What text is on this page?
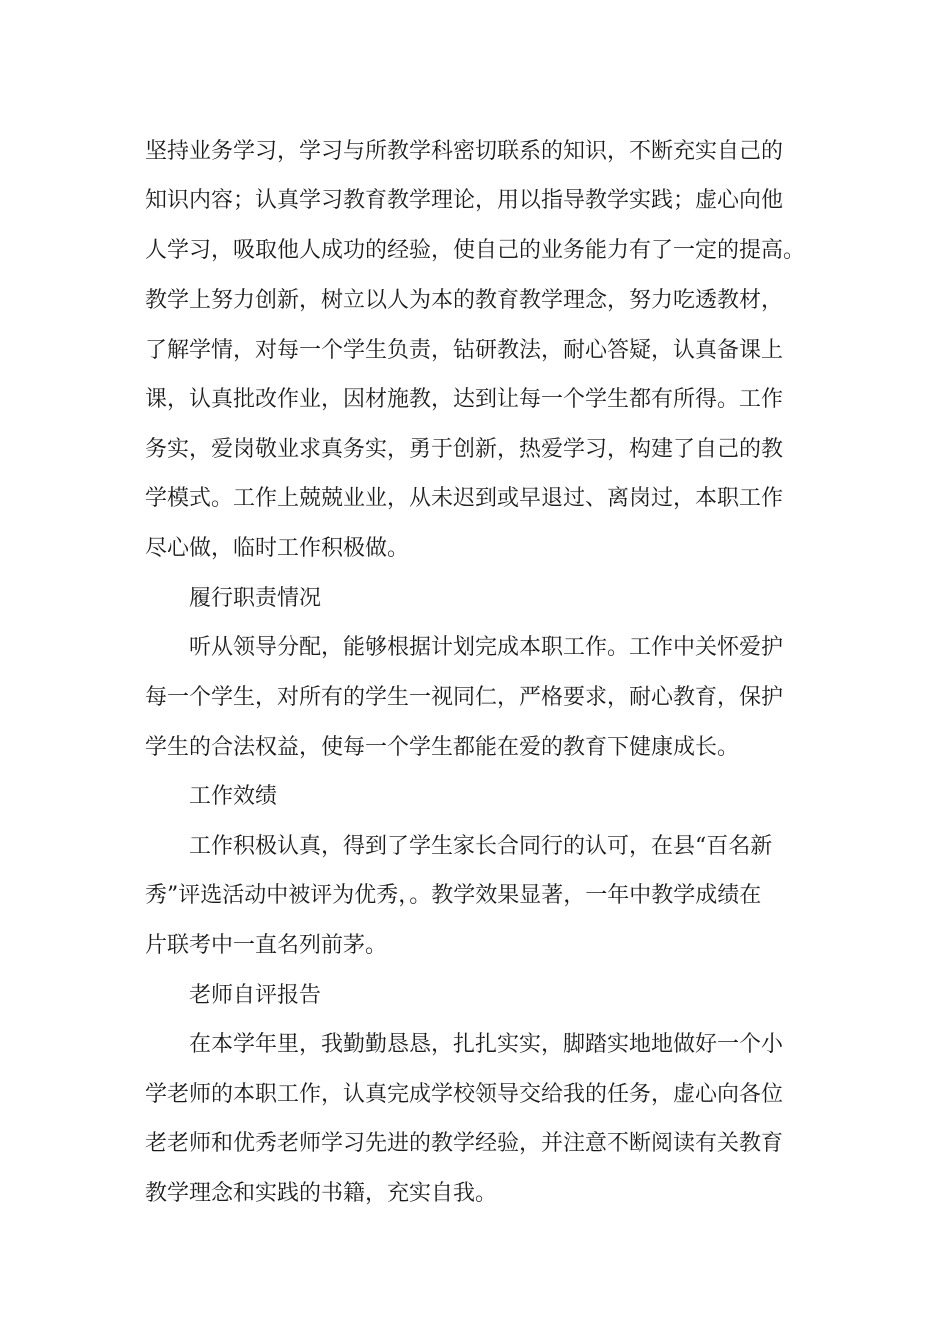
坚持业务学习，学习与所教学科密切联系的知识，不断充实自己的
知识内容；认真学习教育教学理论，用以指导教学实践；虚心向他
人学习，吸取他人成功的经验，使自己的业务能力有了一定的提高。
教学上努力创新，树立以人为本的教育教学理念，努力吃透教材，
了解学情，对每一个学生负责，钻研教法，耐心答疑，认真备课上
课，认真批改作业，因材施教，达到让每一个学生都有所得。工作
务实，爱岗敬业求真务实，勇于创新，热爱学习，构建了自己的教
学模式。工作上兢兢业业，从未迟到或早退过、离岗过，本职工作
尽心做，临时工作积极做。
履行职责情况
听从领导分配，能够根据计划完成本职工作。工作中关怀爱护
每一个学生，对所有的学生一视同仁，严格要求，耐心教育，保护
学生的合法权益，使每一个学生都能在爱的教育下健康成长。
工作效绩
工作积极认真，得到了学生家长合同行的认可，在县“百名新
秀”评选活动中被评为优秀，。教学效果显著，一年中教学成绩在
片联考中一直名列前茅。
老师自评报告
在本学年里，我勤勤恳恳，扎扎实实，脚踏实地地做好一个小
学老师的本职工作，认真完成学校领导交给我的任务，虚心向各位
老老师和优秀老师学习先进的教学经验，并注意不断阅读有关教育
教学理念和实践的书籍，充实自我。
